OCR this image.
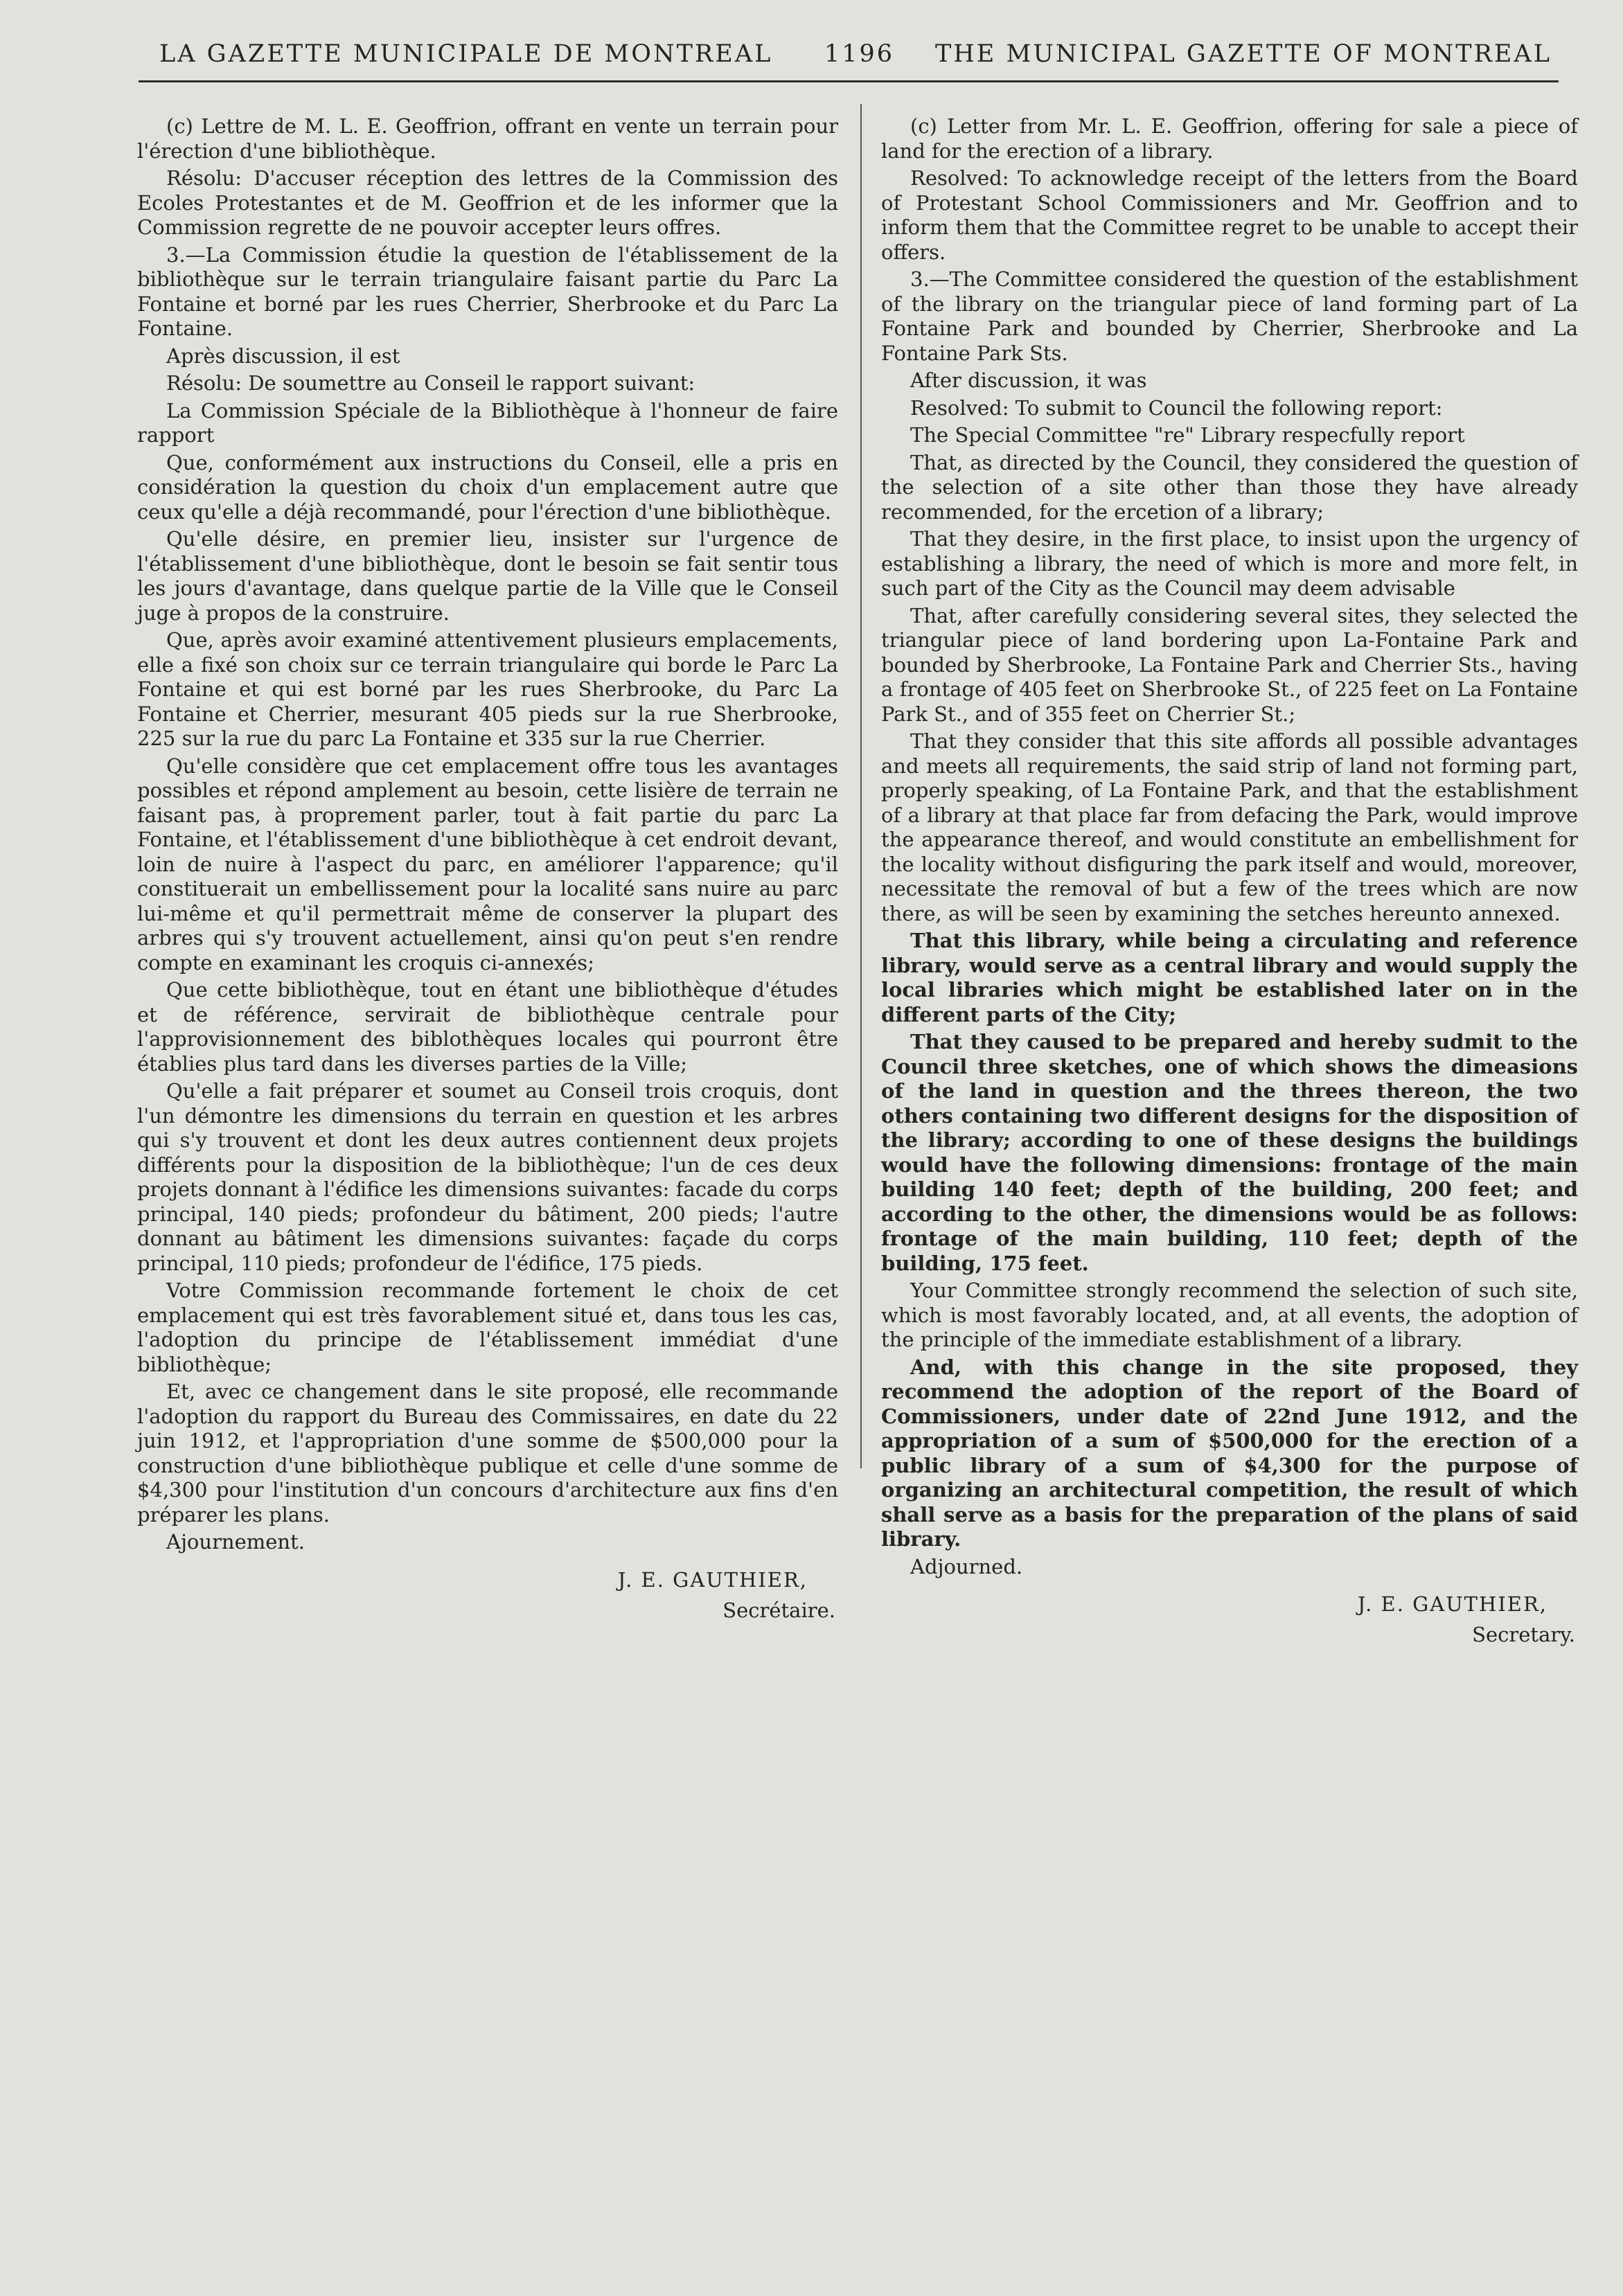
LA GAZETTE MUNICIPALE DE MONTREAL 1196 THE MUNICIPAL GAZETTE OF MONTREAL

(c) Lettre de M. L. E. Geoffrion, offrant en vente un terrain pour l'érection d'une bibliothèque.

Résolu: D'accuser réception des lettres de la Commission des Ecoles Protestantes et de M. Geoffrion et de les informer que la Commission regrette de ne pouvoir accepter leurs offres.

3.—La Commission étudie la question de l'établissement de la bibliothèque sur le terrain triangulaire faisant partie du Parc La Fontaine et borné par les rues Cherrier, Sherbrooke et du Parc La Fontaine.

Après discussion, il est

Résolu: De soumettre au Conseil le rapport suivant:

La Commission Spéciale de la Bibliothèque à l'honneur de faire rapport

Que, conformément aux instructions du Conseil, elle a pris en considération la question du choix d'un emplacement autre que ceux qu'elle a déjà recommandé, pour l'érection d'une bibliothèque.

Qu'elle désire, en premier lieu, insister sur l'urgence de l'établissement d'une bibliothèque, dont le besoin se fait sentir tous les jours d'avantage, dans quelque partie de la Ville que le Conseil juge à propos de la construire.

Que, après avoir examiné attentivement plusieurs emplacements, elle a fixé son choix sur ce terrain triangulaire qui borde le Parc La Fontaine et qui est borné par les rues Sherbrooke, du Parc La Fontaine et Cherrier, mesurant 405 pieds sur la rue Sherbrooke, 225 sur la rue du parc La Fontaine et 335 sur la rue Cherrier.

Qu'elle considère que cet emplacement offre tous les avantages possibles et répond amplement au besoin, cette lisière de terrain ne faisant pas, à proprement parler, tout à fait partie du parc La Fontaine, et l'établissement d'une bibliothèque à cet endroit devant, loin de nuire à l'aspect du parc, en améliorer l'apparence; qu'il constituerait un embellissement pour la localité sans nuire au parc lui-même et qu'il permettrait même de conserver la plupart des arbres qui s'y trouvent actuellement, ainsi qu'on peut s'en rendre compte en examinant les croquis ci-annexés;

Que cette bibliothèque, tout en étant une bibliothèque d'études et de référence, servirait de bibliothèque centrale pour l'approvisionnement des biblothèques locales qui pourront être établies plus tard dans les diverses parties de la Ville;

Qu'elle a fait préparer et soumet au Conseil trois croquis, dont l'un démontre les dimensions du terrain en question et les arbres qui s'y trouvent et dont les deux autres contiennent deux projets différents pour la disposition de la bibliothèque; l'un de ces deux projets donnant à l'édifice les dimensions suivantes: facade du corps principal, 140 pieds; profondeur du bâtiment, 200 pieds; l'autre donnant au bâtiment les dimensions suivantes: façade du corps principal, 110 pieds; profondeur de l'édifice, 175 pieds.

Votre Commission recommande fortement le choix de cet emplacement qui est très favorablement situé et, dans tous les cas, l'adoption du principe de l'établissement immédiat d'une bibliothèque;

Et, avec ce changement dans le site proposé, elle recommande l'adoption du rapport du Bureau des Commissaires, en date du 22 juin 1912, et l'appropriation d'une somme de $500,000 pour la construction d'une bibliothèque publique et celle d'une somme de $4,300 pour l'institution d'un concours d'architecture aux fins d'en préparer les plans.

Ajournement.

J. E. GAUTHIER,
Secrétaire.

(c) Letter from Mr. L. E. Geoffrion, offering for sale a piece of land for the erection of a library.

Resolved: To acknowledge receipt of the letters from the Board of Protestant School Commissioners and Mr. Geoffrion and to inform them that the Committee regret to be unable to accept their offers.

3.—The Committee considered the question of the establishment of the library on the triangular piece of land forming part of La Fontaine Park and bounded by Cherrier, Sherbrooke and La Fontaine Park Sts.

After discussion, it was

Resolved: To submit to Council the following report:

The Special Committee "re" Library respecfully report

That, as directed by the Council, they considered the question of the selection of a site other than those they have already recommended, for the ercetion of a library;

That they desire, in the first place, to insist upon the urgency of establishing a library, the need of which is more and more felt, in such part of the City as the Council may deem advisable

That, after carefully considering several sites, they selected the triangular piece of land bordering upon La-Fontaine Park and bounded by Sherbrooke, La Fontaine Park and Cherrier Sts., having a frontage of 405 feet on Sherbrooke St., of 225 feet on La Fontaine Park St., and of 355 feet on Cherrier St.;

That they consider that this site affords all possible advantages and meets all requirements, the said strip of land not forming part, properly speaking, of La Fontaine Park, and that the establishment of a library at that place far from defacing the Park, would improve the appearance thereof, and would constitute an embellishment for the locality without disfiguring the park itself and would, moreover, necessitate the removal of but a few of the trees which are now there, as will be seen by examining the setches hereunto annexed.

That this library, while being a circulating and reference library, would serve as a central library and would supply the local libraries which might be established later on in the different parts of the City;

That they caused to be prepared and hereby sudmit to the Council three sketches, one of which shows the dimeasions of the land in question and the threes thereon, the two others containing two different designs for the disposition of the library; according to one of these designs the buildings would have the following dimensions: frontage of the main building 140 feet; depth of the building, 200 feet; and according to the other, the dimensions would be as follows: frontage of the main building, 110 feet; depth of the building, 175 feet.

Your Committee strongly recommend the selection of such site, which is most favorably located, and, at all events, the adoption of the principle of the immediate establishment of a library.

And, with this change in the site proposed, they recommend the adoption of the report of the Board of Commissioners, under date of 22nd June 1912, and the appropriation of a sum of $500,000 for the erection of a public library of a sum of $4,300 for the purpose of organizing an architectural competition, the result of which shall serve as a basis for the preparation of the plans of said library.

Adjourned.

J. E. GAUTHIER,
Secretary.
